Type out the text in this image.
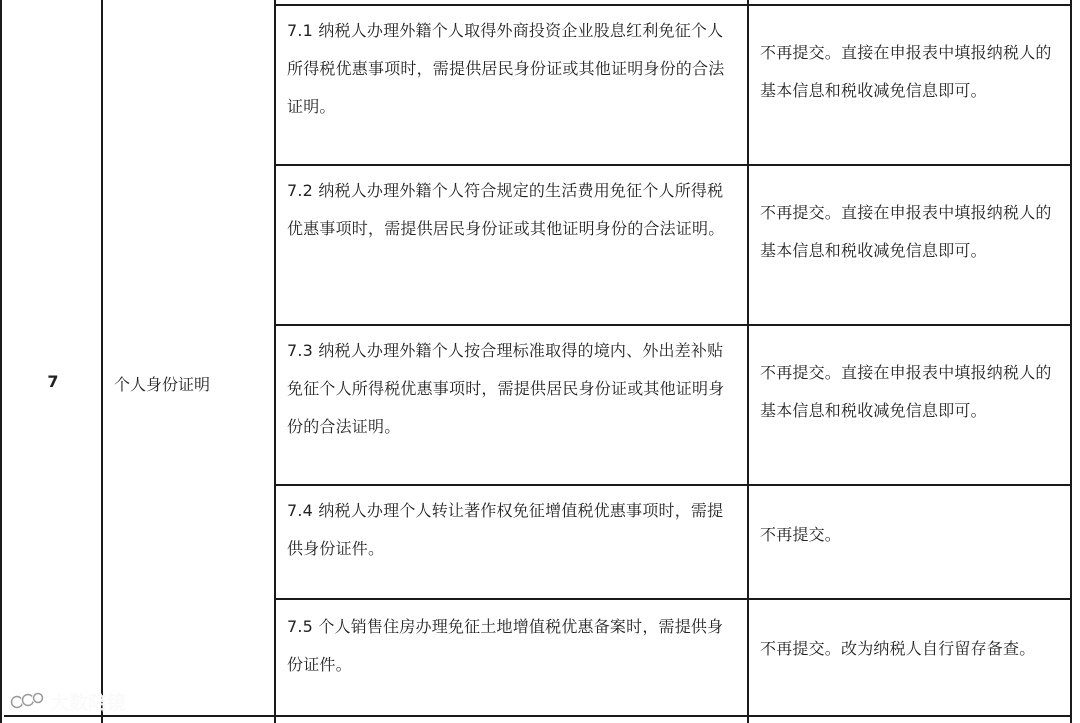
7	个人身份证明
7.1 纳税人办理外籍个人取得外商投资企业股息红利免征个人所得税优惠事项时，需提供居民身份证或其他证明身份的合法证明。
不再提交。直接在申报表中填报纳税人的基本信息和税收减免信息即可。
7.2 纳税人办理外籍个人符合规定的生活费用免征个人所得税优惠事项时，需提供居民身份证或其他证明身份的合法证明。
不再提交。直接在申报表中填报纳税人的基本信息和税收减免信息即可。
7.3 纳税人办理外籍个人按合理标准取得的境内、外出差补贴免征个人所得税优惠事项时，需提供居民身份证或其他证明身份的合法证明。
不再提交。直接在申报表中填报纳税人的基本信息和税收减免信息即可。
7.4 纳税人办理个人转让著作权免征增值税优惠事项时，需提供身份证件。
不再提交。
7.5 个人销售住房办理免征土地增值税优惠备案时，需提供身份证件。
不再提交。改为纳税人自行留存备查。
大数陪镜
